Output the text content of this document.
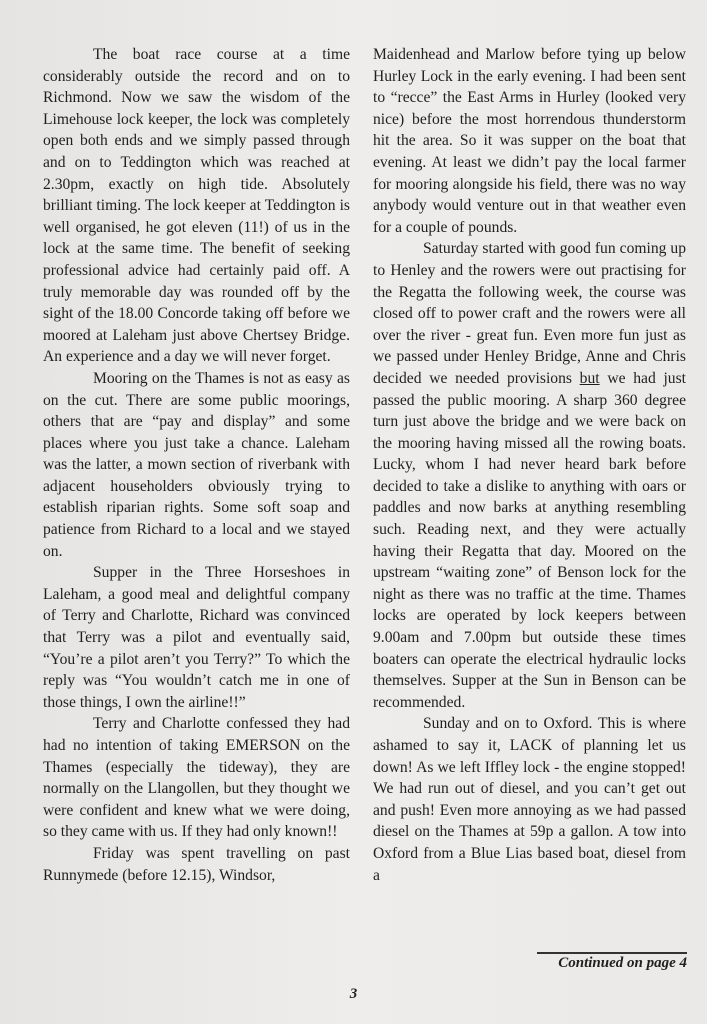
The boat race course at a time considerably outside the record and on to Richmond. Now we saw the wisdom of the Limehouse lock keeper, the lock was completely open both ends and we simply passed through and on to Teddington which was reached at 2.30pm, exactly on high tide. Absolutely brilliant timing. The lock keeper at Teddington is well organised, he got eleven (11!) of us in the lock at the same time. The benefit of seeking professional advice had certainly paid off. A truly memorable day was rounded off by the sight of the 18.00 Concorde taking off before we moored at Laleham just above Chertsey Bridge. An experience and a day we will never forget.

Mooring on the Thames is not as easy as on the cut. There are some public moorings, others that are “pay and display” and some places where you just take a chance. Laleham was the latter, a mown section of riverbank with adjacent householders obviously trying to establish riparian rights. Some soft soap and patience from Richard to a local and we stayed on.

Supper in the Three Horseshoes in Laleham, a good meal and delightful company of Terry and Charlotte, Richard was convinced that Terry was a pilot and eventually said, “You’re a pilot aren’t you Terry?” To which the reply was “You wouldn’t catch me in one of those things, I own the airline!!”

Terry and Charlotte confessed they had had no intention of taking EMERSON on the Thames (especially the tideway), they are normally on the Llangollen, but they thought we were confident and knew what we were doing, so they came with us. If they had only known!!

Friday was spent travelling on past Runnymede (before 12.15), Windsor,

Maidenhead and Marlow before tying up below Hurley Lock in the early evening. I had been sent to “recce” the East Arms in Hurley (looked very nice) before the most horrendous thunderstorm hit the area. So it was supper on the boat that evening. At least we didn’t pay the local farmer for mooring alongside his field, there was no way anybody would venture out in that weather even for a couple of pounds.

Saturday started with good fun coming up to Henley and the rowers were out practising for the Regatta the following week, the course was closed off to power craft and the rowers were all over the river - great fun. Even more fun just as we passed under Henley Bridge, Anne and Chris decided we needed provisions but we had just passed the public mooring. A sharp 360 degree turn just above the bridge and we were back on the mooring having missed all the rowing boats. Lucky, whom I had never heard bark before decided to take a dislike to anything with oars or paddles and now barks at anything resembling such. Reading next, and they were actually having their Regatta that day. Moored on the upstream “waiting zone” of Benson lock for the night as there was no traffic at the time. Thames locks are operated by lock keepers between 9.00am and 7.00pm but outside these times boaters can operate the electrical hydraulic locks themselves. Supper at the Sun in Benson can be recommended.

Sunday and on to Oxford. This is where ashamed to say it, LACK of planning let us down! As we left Iffley lock - the engine stopped! We had run out of diesel, and you can’t get out and push! Even more annoying as we had passed diesel on the Thames at 59p a gallon. A tow into Oxford from a Blue Lias based boat, diesel from a

Continued on page 4
3
